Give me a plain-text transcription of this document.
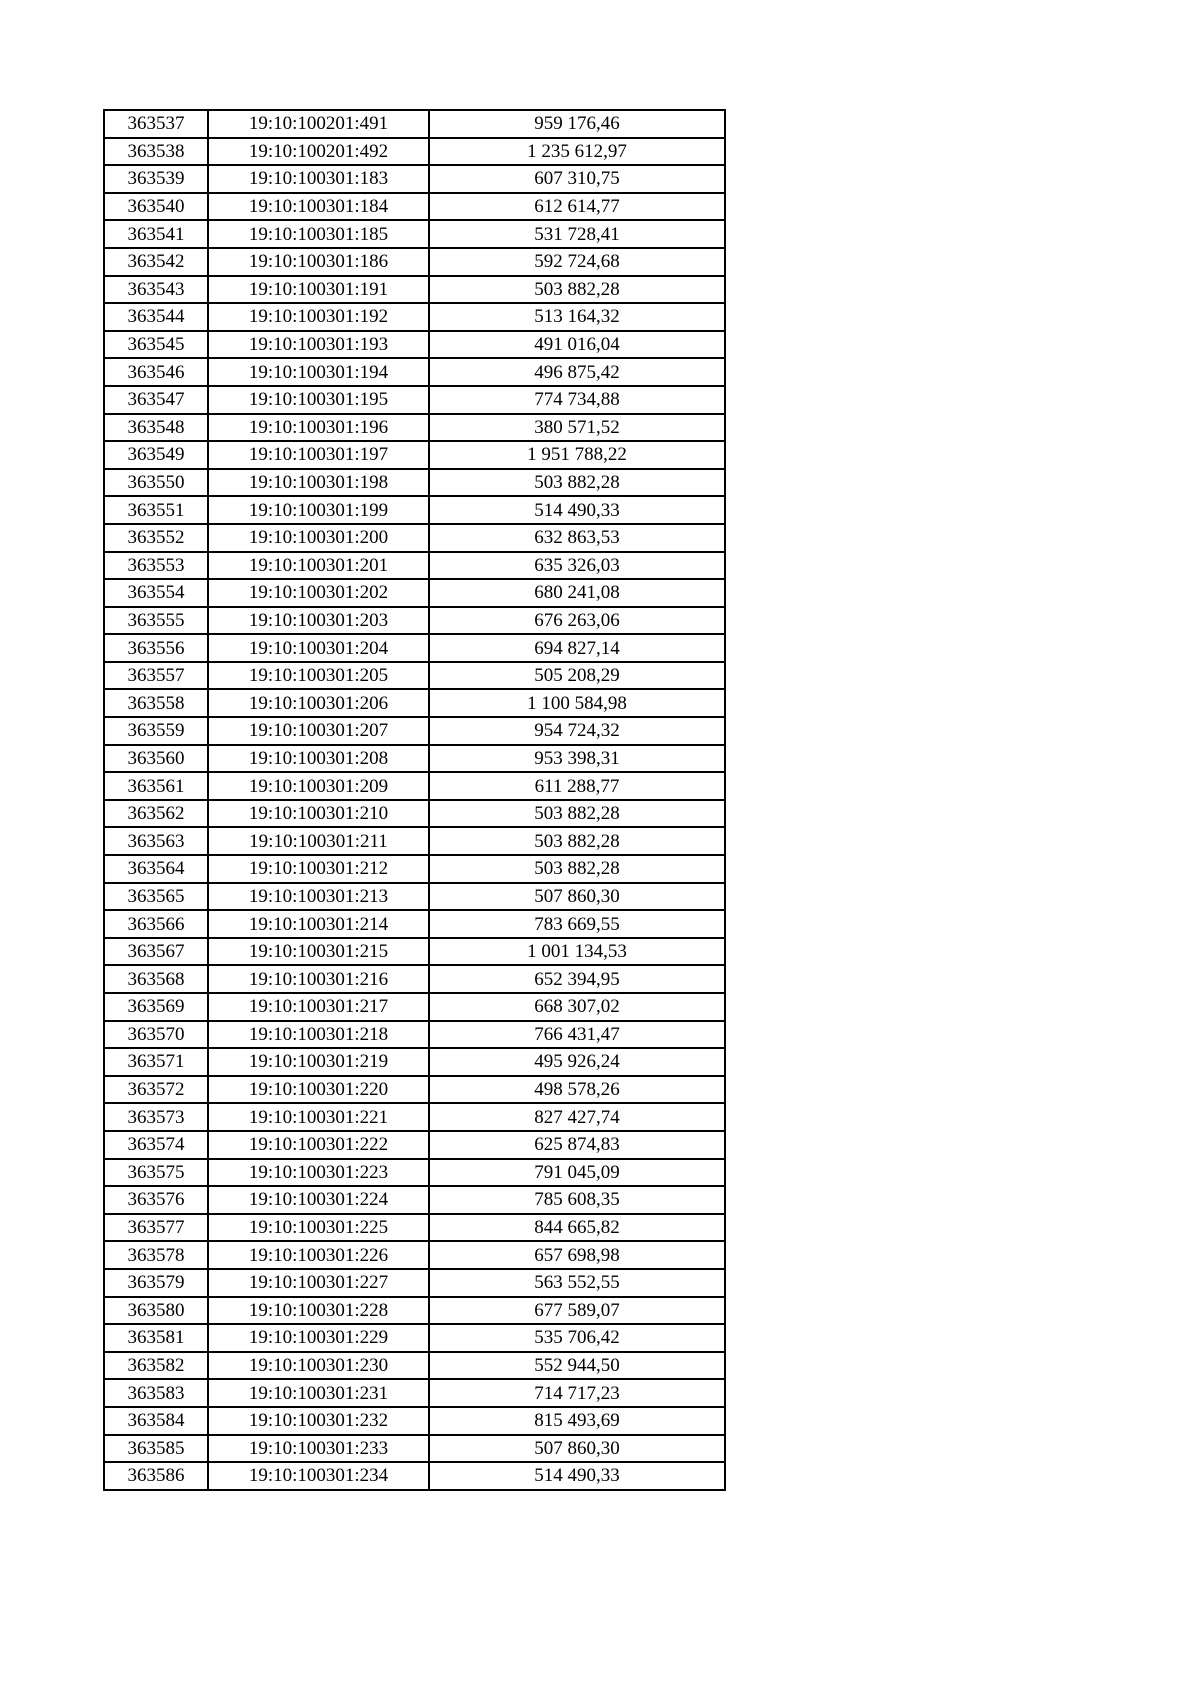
363537	19:10:100201:491	959 176,46
363538	19:10:100201:492	1 235 612,97
363539	19:10:100301:183	607 310,75
363540	19:10:100301:184	612 614,77
363541	19:10:100301:185	531 728,41
363542	19:10:100301:186	592 724,68
363543	19:10:100301:191	503 882,28
363544	19:10:100301:192	513 164,32
363545	19:10:100301:193	491 016,04
363546	19:10:100301:194	496 875,42
363547	19:10:100301:195	774 734,88
363548	19:10:100301:196	380 571,52
363549	19:10:100301:197	1 951 788,22
363550	19:10:100301:198	503 882,28
363551	19:10:100301:199	514 490,33
363552	19:10:100301:200	632 863,53
363553	19:10:100301:201	635 326,03
363554	19:10:100301:202	680 241,08
363555	19:10:100301:203	676 263,06
363556	19:10:100301:204	694 827,14
363557	19:10:100301:205	505 208,29
363558	19:10:100301:206	1 100 584,98
363559	19:10:100301:207	954 724,32
363560	19:10:100301:208	953 398,31
363561	19:10:100301:209	611 288,77
363562	19:10:100301:210	503 882,28
363563	19:10:100301:211	503 882,28
363564	19:10:100301:212	503 882,28
363565	19:10:100301:213	507 860,30
363566	19:10:100301:214	783 669,55
363567	19:10:100301:215	1 001 134,53
363568	19:10:100301:216	652 394,95
363569	19:10:100301:217	668 307,02
363570	19:10:100301:218	766 431,47
363571	19:10:100301:219	495 926,24
363572	19:10:100301:220	498 578,26
363573	19:10:100301:221	827 427,74
363574	19:10:100301:222	625 874,83
363575	19:10:100301:223	791 045,09
363576	19:10:100301:224	785 608,35
363577	19:10:100301:225	844 665,82
363578	19:10:100301:226	657 698,98
363579	19:10:100301:227	563 552,55
363580	19:10:100301:228	677 589,07
363581	19:10:100301:229	535 706,42
363582	19:10:100301:230	552 944,50
363583	19:10:100301:231	714 717,23
363584	19:10:100301:232	815 493,69
363585	19:10:100301:233	507 860,30
363586	19:10:100301:234	514 490,33
